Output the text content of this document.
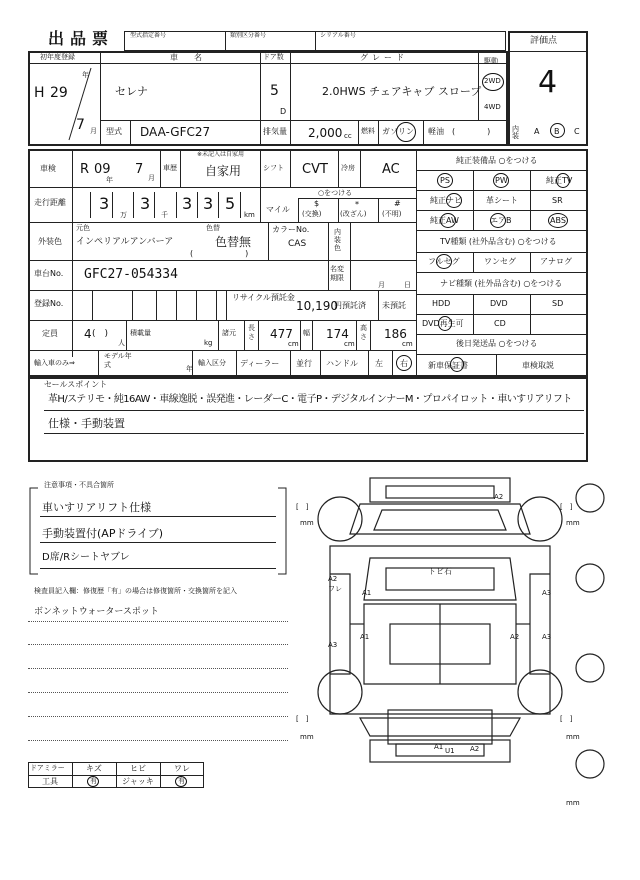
出品票	型式指定番号	類別区分番号	シリアル番号
評価点
4
初年度登録	車　名	ドア数	グレード	駆動
H 29
年
7 月
セレナ	5
D
2.0HWS チェアキャブ スロープ
2WD
4WD
型式 DAA-GFC27	排気量 2,000 cc
燃料 ガソリン 軽油 (　　　　)	内装	A B C
車検 R 09
年
7
月
車歴
※未記入は自家用
自家用	シフト CVT 冷房 AC
走行距離 3
万
3
千
3 3 5
km
○をつける
マイル
$
(交換)
*
(改ざん)
#
(不明)
外装色
元色
インペリアルアンバーア
色替
色替無
(　　　　　)
カラーNo.
CAS
内装色
車台No. GFC27-054334	名変期限
月	日
登録No.
リサイクル預託金
10,190
円預託済 未預託
定員 4 (　)
人
積載量
kg
諸元
長さ 477
cm
幅 174
cm
高さ 186
cm
輸入車のみ⇒
モデル年式	年
輸入区分 ディーラー 並行 ハンドル 左 右
純正装備品 ○をつける
PS	PW	純正TV
純正ナビ	革シート	SR
純正AW	エアB	ABS
TV種類 (社外品含む) ○をつける
フルセグ	ワンセグ	アナログ
ナビ種類 (社外品含む) ○をつける
HDD	DVD	SD
DVD再生可	CD
後日発送品 ○をつける
新車保証書	車検取説
セールスポイント
革H/ステリモ・純16AW・車線逸脱・誤発進・レーダーC・電子P・デジタルインナーM・プロパイロット・車いすリアリフト
仕様・手動装置
注意事項・不具合箇所
車いすリアリフト仕様
手動装置付(APドライブ)
D席/Rシートヤブレ
検査員記入欄：修復歴「有」の場合は修復箇所・交換箇所を記入
ボンネットウォータースポット
ドアミラー	キズ	ヒビ	ワレ
工具	有	ジャッキ	有
A2
A2
ワレ	A1
A1
A3
A3
A3
A2
A1 U1 A2
トビ石
[　]
mm
[　]
mm
[　]
mm
[　]
mm
mm
